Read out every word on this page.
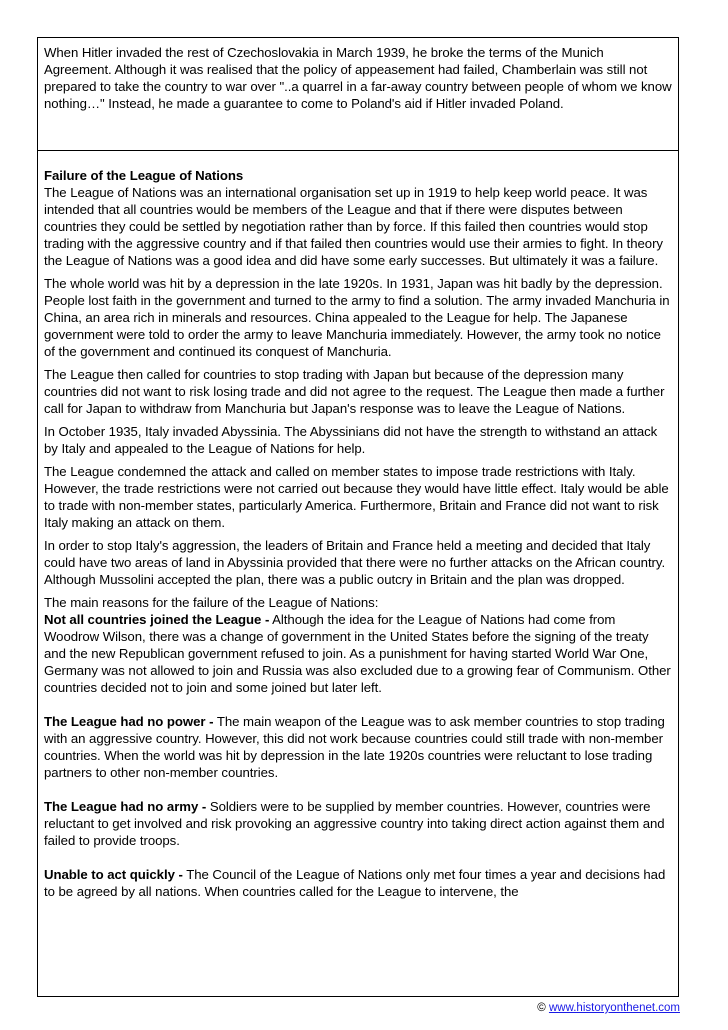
When Hitler invaded the rest of Czechoslovakia in March 1939, he broke the terms of the Munich Agreement. Although it was realised that the policy of appeasement had failed, Chamberlain was still not prepared to take the country to war over "..a quarrel in a far-away country between people of whom we know nothing…" Instead, he made a guarantee to come to Poland's aid if Hitler invaded Poland.

Failure of the League of Nations

The League of Nations was an international organisation set up in 1919 to help keep world peace. It was intended that all countries would be members of the League and that if there were disputes between countries they could be settled by negotiation rather than by force. If this failed then countries would stop trading with the aggressive country and if that failed then countries would use their armies to fight. In theory the League of Nations was a good idea and did have some early successes. But ultimately it was a failure.

The whole world was hit by a depression in the late 1920s. In 1931, Japan was hit badly by the depression. People lost faith in the government and turned to the army to find a solution. The army invaded Manchuria in China, an area rich in minerals and resources. China appealed to the League for help. The Japanese government were told to order the army to leave Manchuria immediately. However, the army took no notice of the government and continued its conquest of Manchuria.

The League then called for countries to stop trading with Japan but because of the depression many countries did not want to risk losing trade and did not agree to the request. The League then made a further call for Japan to withdraw from Manchuria but Japan's response was to leave the League of Nations.

In October 1935, Italy invaded Abyssinia. The Abyssinians did not have the strength to withstand an attack by Italy and appealed to the League of Nations for help.

The League condemned the attack and called on member states to impose trade restrictions with Italy. However, the trade restrictions were not carried out because they would have little effect. Italy would be able to trade with non-member states, particularly America. Furthermore, Britain and France did not want to risk Italy making an attack on them.

In order to stop Italy's aggression, the leaders of Britain and France held a meeting and decided that Italy could have two areas of land in Abyssinia provided that there were no further attacks on the African country. Although Mussolini accepted the plan, there was a public outcry in Britain and the plan was dropped.

The main reasons for the failure of the League of Nations:

Not all countries joined the League - Although the idea for the League of Nations had come from Woodrow Wilson, there was a change of government in the United States before the signing of the treaty and the new Republican government refused to join. As a punishment for having started World War One, Germany was not allowed to join and Russia was also excluded due to a growing fear of Communism. Other countries decided not to join and some joined but later left.

The League had no power - The main weapon of the League was to ask member countries to stop trading with an aggressive country. However, this did not work because countries could still trade with non-member countries. When the world was hit by depression in the late 1920s countries were reluctant to lose trading partners to other non-member countries.

The League had no army - Soldiers were to be supplied by member countries. However, countries were reluctant to get involved and risk provoking an aggressive country into taking direct action against them and failed to provide troops.

Unable to act quickly - The Council of the League of Nations only met four times a year and decisions had to be agreed by all nations. When countries called for the League to intervene, the

© www.historyonthenet.com
